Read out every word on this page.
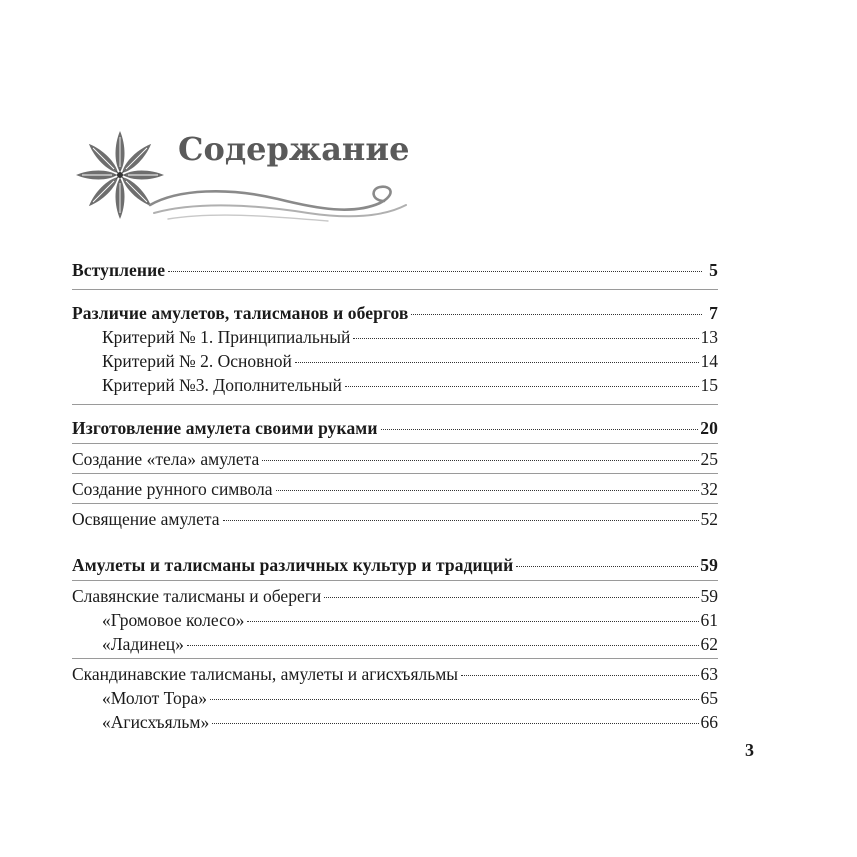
Содержание
Вступление	5
Различие амулетов, талисманов и обергов	7
Критерий № 1. Принципиальный	13
Критерий № 2. Основной	14
Критерий №3. Дополнительный	15
Изготовление амулета своими руками	20
Создание «тела» амулета	25
Создание рунного символа	32
Освящение амулета	52
Амулеты и талисманы различных культур и традиций	59
Славянские талисманы и обереги	59
«Громовое колесо»	61
«Ладинец»	62
Скандинавские талисманы, амулеты и агисхъяльмы	63
«Молот Тора»	65
«Агисхъяльм»	66
3
